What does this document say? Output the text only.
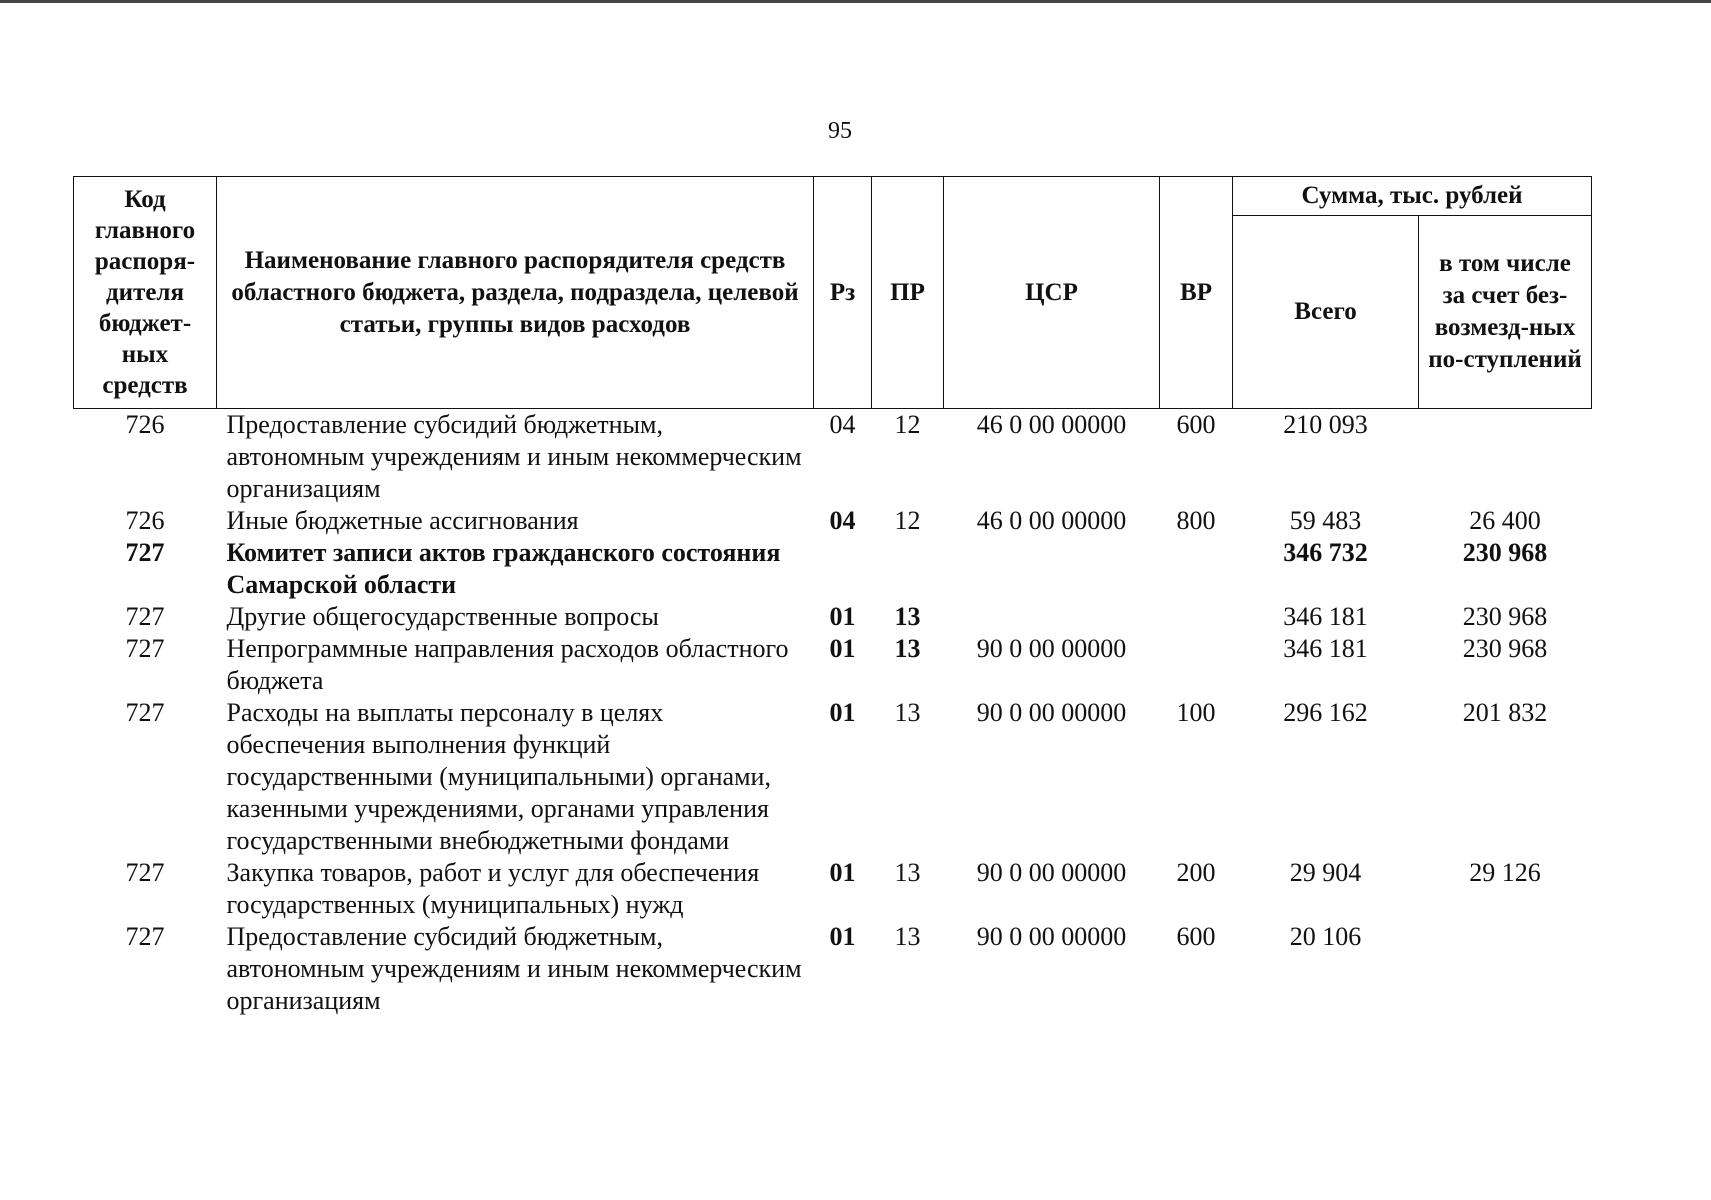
95
Код главного распоря-дителя бюджет-ных средств	Наименование главного распорядителя средств областного бюджета, раздела, подраздела, целевой статьи, группы видов расходов	Рз	ПР	ЦСР	ВР	Сумма, тыс. рублей	
						Всего	в том числе за счет без-возмезд-ных по-ступлений
726	Предоставление субсидий бюджетным, автономным учреждениям и иным некоммерческим организациям	04	12	46 0 00 00000	600	210 093	
726	Иные бюджетные ассигнования	04	12	46 0 00 00000	800	59 483	26 400
727	Комитет записи актов гражданского состояния Самарской области					346 732	230 968
727	Другие общегосударственные вопросы	01	13			346 181	230 968
727	Непрограммные направления расходов областного бюджета	01	13	90 0 00 00000		346 181	230 968
727	Расходы на выплаты персоналу в целях обеспечения выполнения функций государственными (муниципальными) органами, казенными учреждениями, органами управления государственными внебюджетными фондами	01	13	90 0 00 00000	100	296 162	201 832
727	Закупка товаров, работ и услуг для обеспечения государственных (муниципальных) нужд	01	13	90 0 00 00000	200	29 904	29 126
727	Предоставление субсидий бюджетным, автономным учреждениям и иным некоммерческим организациям	01	13	90 0 00 00000	600	20 106	
